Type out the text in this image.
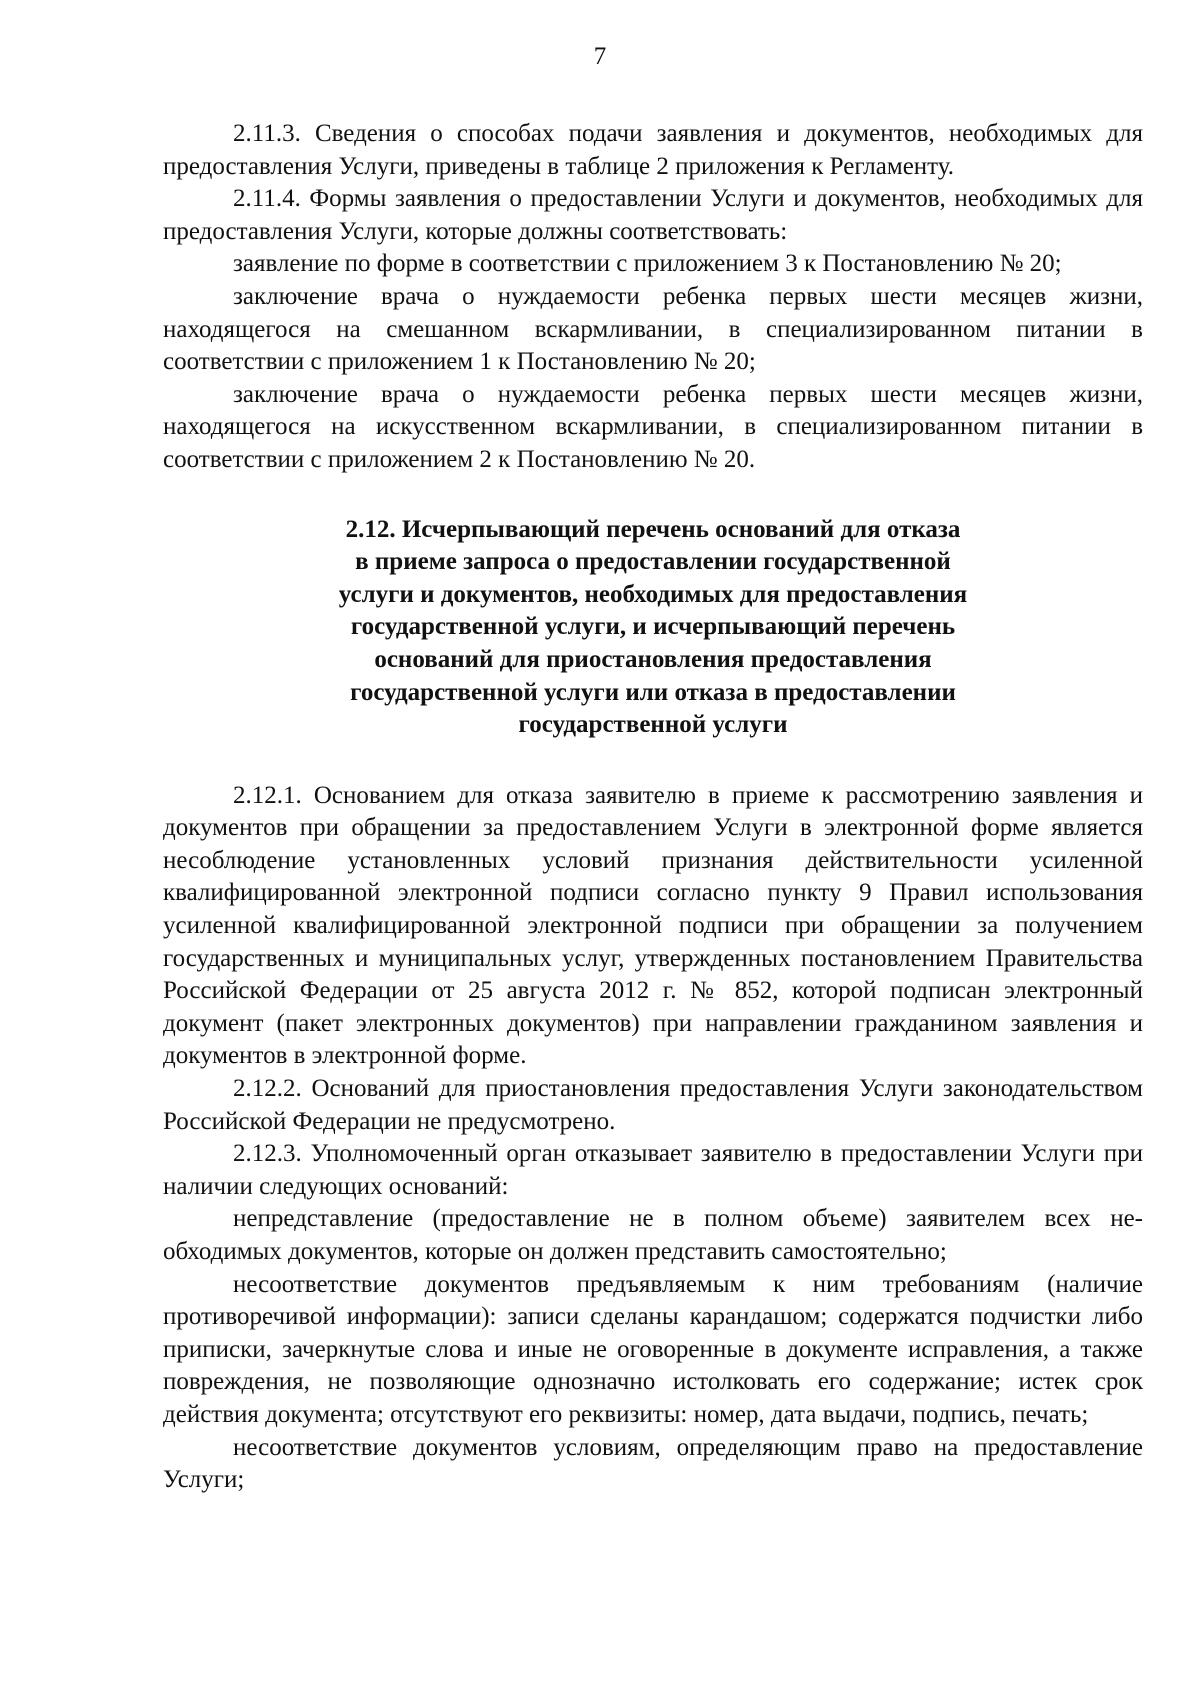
7

2.11.3. Сведения о способах подачи заявления и документов, необходимых для предоставления Услуги, приведены в таблице 2 приложения к Регламенту.

2.11.4. Формы заявления о предоставлении Услуги и документов, необходимых для предоставления Услуги, которые должны соответствовать:

заявление по форме в соответствии с приложением 3 к Постановлению № 20;

заключение врача о нуждаемости ребенка первых шести месяцев жизни, находящегося на смешанном вскармливании, в специализированном питании в соответствии с приложением 1 к Постановлению № 20;

заключение врача о нуждаемости ребенка первых шести месяцев жизни, находящегося на искусственном вскармливании, в специализированном питании в соответствии с приложением 2 к Постановлению № 20.

2.12. Исчерпывающий перечень оснований для отказа
в приеме запроса о предоставлении государственной
услуги и документов, необходимых для предоставления
государственной услуги, и исчерпывающий перечень
оснований для приостановления предоставления
государственной услуги или отказа в предоставлении
государственной услуги

2.12.1. Основанием для отказа заявителю в приеме к рассмотрению заявления и документов при обращении за предоставлением Услуги в электронной форме является несоблюдение установленных условий признания действительности усиленной квалифицированной электронной подписи согласно пункту 9 Правил использования усиленной квалифицированной электронной подписи при обращении за получением государственных и муниципальных услуг, утвержденных постановлением Правительства Российской Федерации от 25 августа 2012 г. № 852, которой подписан электронный документ (пакет электронных документов) при направлении гражданином заявления и документов в электронной форме.

2.12.2. Оснований для приостановления предоставления Услуги законодательством Российской Федерации не предусмотрено.

2.12.3. Уполномоченный орган отказывает заявителю в предоставлении Услуги при наличии следующих оснований:

непредставление (предоставление не в полном объеме) заявителем всех необходимых документов, которые он должен представить самостоятельно;

несоответствие документов предъявляемым к ним требованиям (наличие противоречивой информации): записи сделаны карандашом; содержатся подчистки либо приписки, зачеркнутые слова и иные не оговоренные в документе исправления, а также повреждения, не позволяющие однозначно истолковать его содержание; истек срок действия документа; отсутствуют его реквизиты: номер, дата выдачи, подпись, печать;

несоответствие документов условиям, определяющим право на предоставление Услуги;
